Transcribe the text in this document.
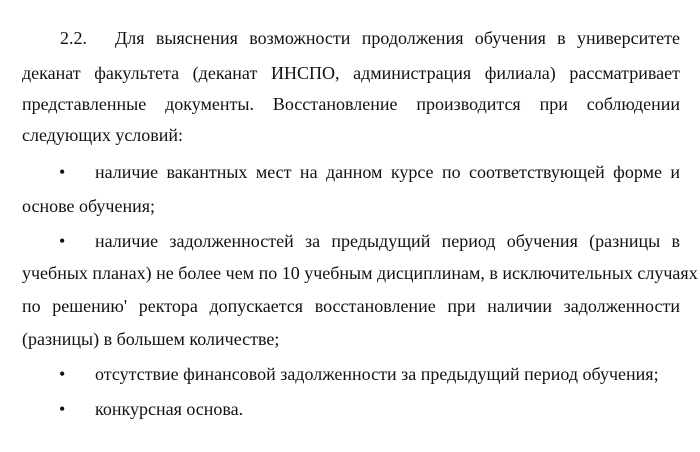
2.2. Для выяснения возможности продолжения обучения в университете
деканат факультета (деканат ИНСПО, администрация филиала) рассматривает
представленные документы. Восстановление производится при соблюдении
следующих условий:
• наличие вакантных мест на данном курсе по соответствующей форме и
основе обучения;
• наличие задолженностей за предыдущий период обучения (разницы в
учебных планах) не более чем по 10 учебным дисциплинам, в исключительных случаях
по решению' ректора допускается восстановление при наличии задолженности
(разницы) в большем количестве;
• отсутствие финансовой задолженности за предыдущий период обучения;
• конкурсная основа.
